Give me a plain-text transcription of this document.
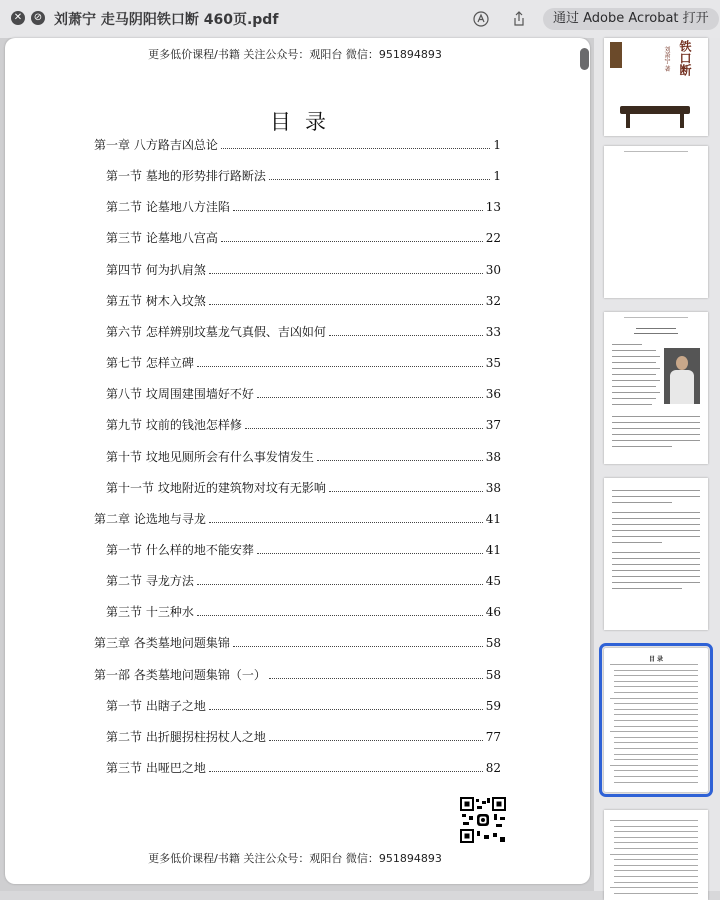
✕ ⊘ 刘萧宁 走马阴阳铁口断 460页.pdf	通过 Adobe Acrobat 打开
更多低价课程/书籍 关注公众号：观阳台 微信：951894893
目录
第一章 八方路吉凶总论	1
第一节 墓地的形势排行路断法	1
第二节 论墓地八方洼陷	13
第三节 论墓地八宫高	22
第四节 何为扒肩煞	30
第五节 树木入坟煞	32
第六节 怎样辨别坟墓龙气真假、吉凶如何	33
第七节 怎样立碑	35
第八节 坟周围建围墙好不好	36
第九节 坟前的钱池怎样修	37
第十节 坟地见厕所会有什么事发情发生	38
第十一节 坟地附近的建筑物对坟有无影响	38
第二章 论选地与寻龙	41
第一节 什么样的地不能安葬	41
第二节 寻龙方法	45
第三节 十三种水	46
第三章 各类墓地问题集锦	58
第一部 各类墓地问题集锦（一）	58
第一节 出瞎子之地	59
第二节 出折腿拐柱拐杖人之地	77
第三节 出哑巴之地	82
更多低价课程/书籍 关注公众号：观阳台 微信：951894893
铁口断
刘萧宁 著
目 录
